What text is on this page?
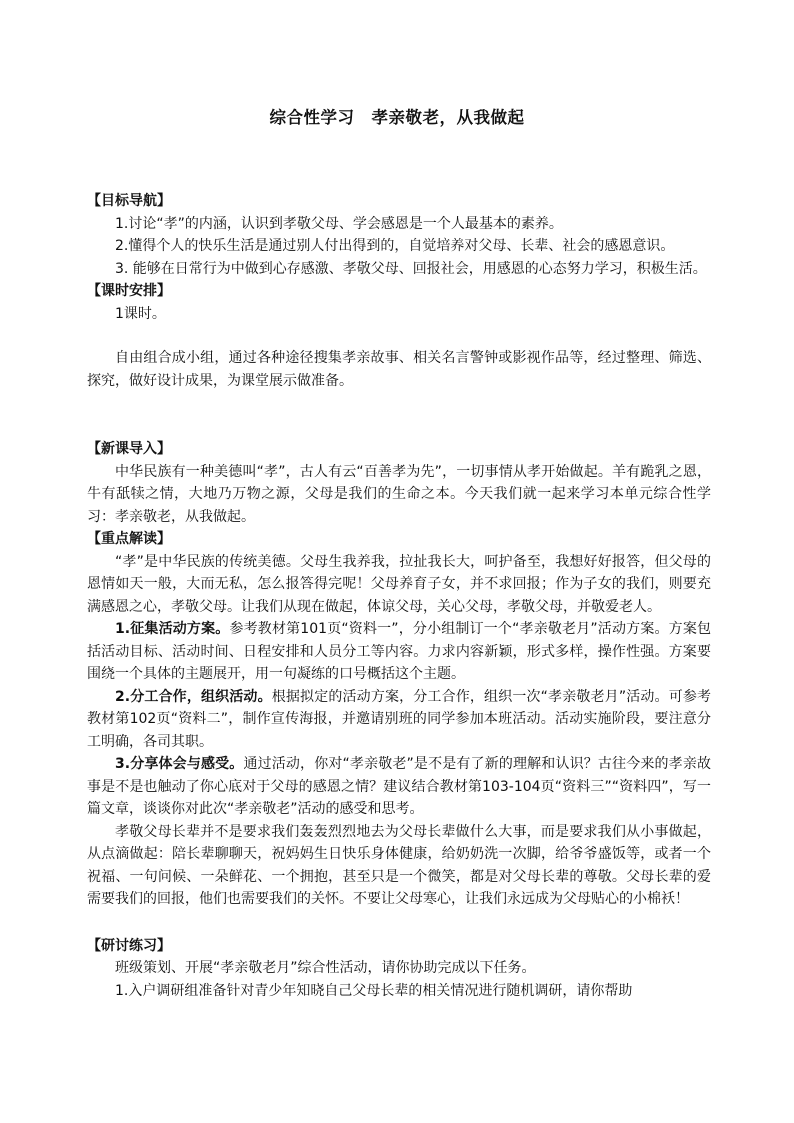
综合性学习　孝亲敬老，从我做起

【目标导航】

1.讨论“孝”的内涵，认识到孝敬父母、学会感恩是一个人最基本的素养。

2.懂得个人的快乐生活是通过别人付出得到的，自觉培养对父母、长辈、社会的感恩意识。

3. 能够在日常行为中做到心存感激、孝敬父母、回报社会，用感恩的心态努力学习，积极生活。

【课时安排】

1课时。

自由组合成小组，通过各种途径搜集孝亲故事、相关名言警钟或影视作品等，经过整理、筛选、探究，做好设计成果，为课堂展示做准备。

【新课导入】

中华民族有一种美德叫“孝”，古人有云“百善孝为先”，一切事情从孝开始做起。羊有跪乳之恩，牛有舐犊之情，大地乃万物之源，父母是我们的生命之本。今天我们就一起来学习本单元综合性学习：孝亲敬老，从我做起。

【重点解读】

“孝”是中华民族的传统美德。父母生我养我，拉扯我长大，呵护备至，我想好好报答，但父母的恩情如天一般，大而无私，怎么报答得完呢！父母养育子女，并不求回报；作为子女的我们，则要充满感恩之心，孝敬父母。让我们从现在做起，体谅父母，关心父母，孝敬父母，并敬爱老人。

1.征集活动方案。参考教材第101页“资料一”，分小组制订一个“孝亲敬老月”活动方案。方案包括活动目标、活动时间、日程安排和人员分工等内容。力求内容新颖，形式多样，操作性强。方案要围绕一个具体的主题展开，用一句凝练的口号概括这个主题。

2.分工合作，组织活动。根据拟定的活动方案，分工合作，组织一次“孝亲敬老月”活动。可参考教材第102页“资料二”，制作宣传海报，并邀请别班的同学参加本班活动。活动实施阶段，要注意分工明确，各司其职。

3.分享体会与感受。通过活动，你对“孝亲敬老”是不是有了新的理解和认识？古往今来的孝亲故事是不是也触动了你心底对于父母的感恩之情？建议结合教材第103-104页“资料三”“资料四”，写一篇文章，谈谈你对此次“孝亲敬老”活动的感受和思考。

孝敬父母长辈并不是要求我们轰轰烈烈地去为父母长辈做什么大事，而是要求我们从小事做起，从点滴做起：陪长辈聊聊天，祝妈妈生日快乐身体健康，给奶奶洗一次脚，给爷爷盛饭等，或者一个祝福、一句问候、一朵鲜花、一个拥抱，甚至只是一个微笑，都是对父母长辈的尊敬。父母长辈的爱需要我们的回报，他们也需要我们的关怀。不要让父母寒心，让我们永远成为父母贴心的小棉袄！

【研讨练习】

班级策划、开展“孝亲敬老月”综合性活动，请你协助完成以下任务。

1.入户调研组准备针对青少年知晓自己父母长辈的相关情况进行随机调研，请你帮助
